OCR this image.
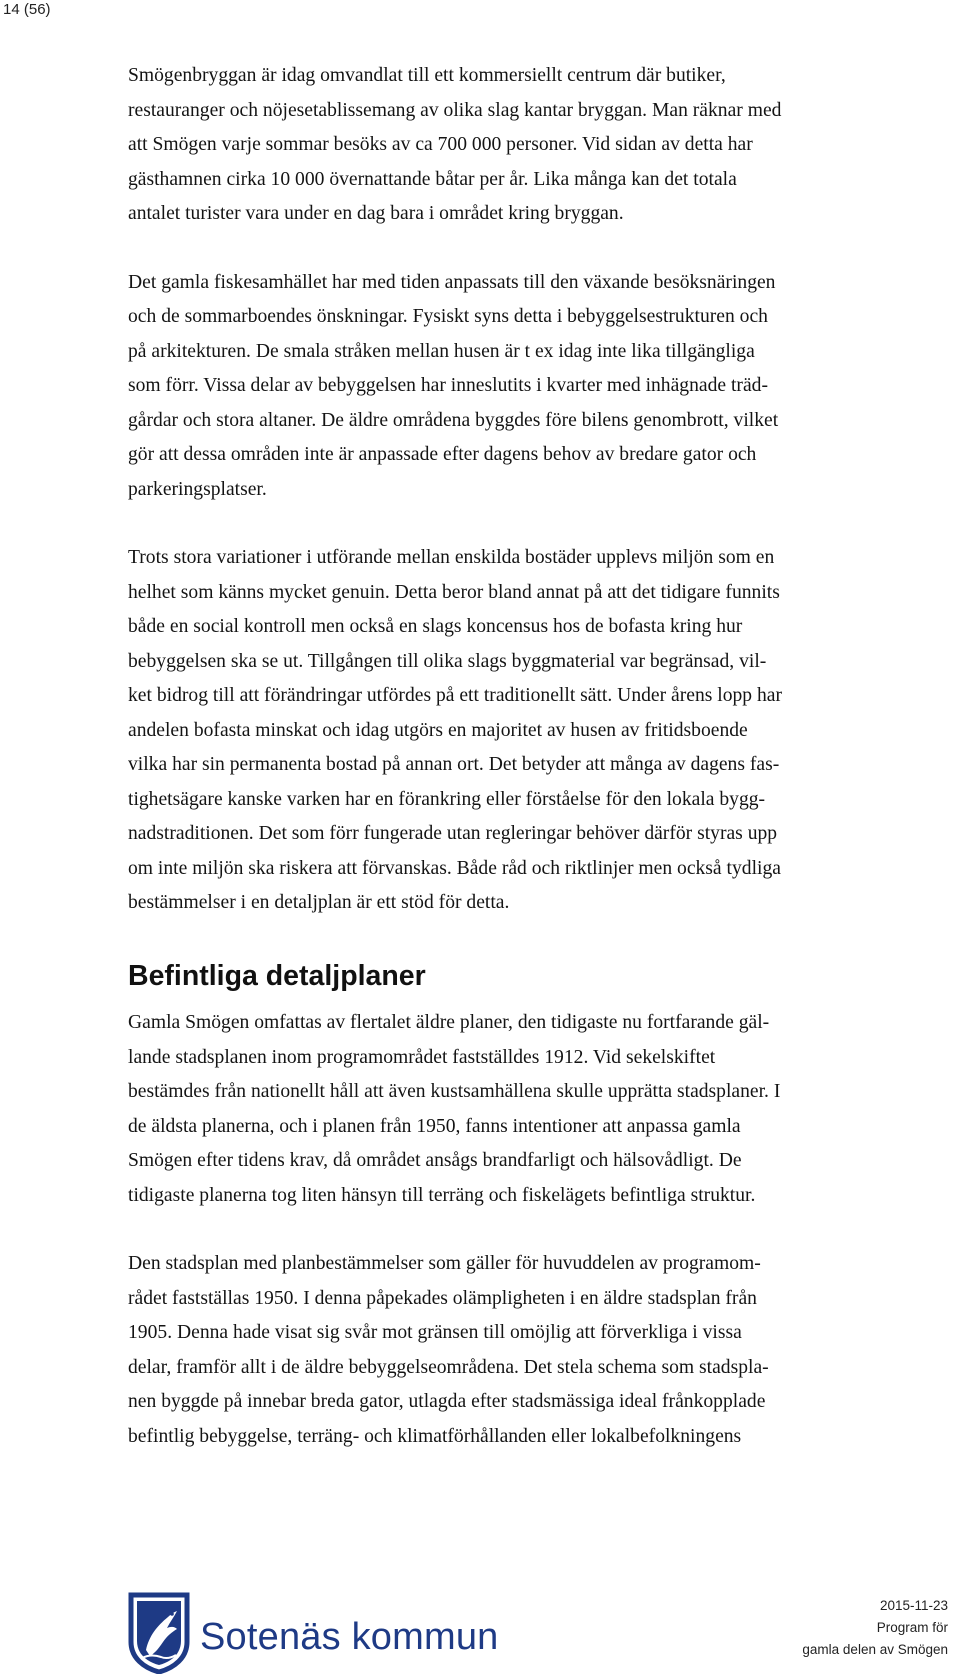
14 (56)

Smögenbryggan är idag omvandlat till ett kommersiellt centrum där butiker,
restauranger och nöjesetablissemang av olika slag kantar bryggan. Man räknar med
att Smögen varje sommar besöks av ca 700 000 personer. Vid sidan av detta har
gästhamnen cirka 10 000 övernattande båtar per år. Lika många kan det totala
antalet turister vara under en dag bara i området kring bryggan.

Det gamla fiskesamhället har med tiden anpassats till den växande besöksnäringen
och de sommarboendes önskningar. Fysiskt syns detta i bebyggelsestrukturen och
på arkitekturen. De smala stråken mellan husen är t ex idag inte lika tillgängliga
som förr. Vissa delar av bebyggelsen har inneslutits i kvarter med inhägnade träd-
gårdar och stora altaner. De äldre områdena byggdes före bilens genombrott, vilket
gör att dessa områden inte är anpassade efter dagens behov av bredare gator och
parkeringsplatser.

Trots stora variationer i utförande mellan enskilda bostäder upplevs miljön som en
helhet som känns mycket genuin. Detta beror bland annat på att det tidigare funnits
både en social kontroll men också en slags koncensus hos de bofasta kring hur
bebyggelsen ska se ut. Tillgången till olika slags byggmaterial var begränsad, vil-
ket bidrog till att förändringar utfördes på ett traditionellt sätt. Under årens lopp har
andelen bofasta minskat och idag utgörs en majoritet av husen av fritidsboende
vilka har sin permanenta bostad på annan ort. Det betyder att många av dagens fas-
tighetsägare kanske varken har en förankring eller förståelse för den lokala bygg-
nadstraditionen. Det som förr fungerade utan regleringar behöver därför styras upp
om inte miljön ska riskera att förvanskas. Både råd och riktlinjer men också tydliga
bestämmelser i en detaljplan är ett stöd för detta.

Befintliga detaljplaner

Gamla Smögen omfattas av flertalet äldre planer, den tidigaste nu fortfarande gäl-
lande stadsplanen inom programområdet fastställdes 1912. Vid sekelskiftet
bestämdes från nationellt håll att även kustsamhällena skulle upprätta stadsplaner. I
de äldsta planerna, och i planen från 1950, fanns intentioner att anpassa gamla
Smögen efter tidens krav, då området ansågs brandfarligt och hälsovådligt. De
tidigaste planerna tog liten hänsyn till terräng och fiskelägets befintliga struktur.

Den stadsplan med planbestämmelser som gäller för huvuddelen av programom-
rådet fastställas 1950. I denna påpekades olämpligheten i en äldre stadsplan från
1905. Denna hade visat sig svår mot gränsen till omöjlig att förverkliga i vissa
delar, framför allt i de äldre bebyggelseområdena. Det stela schema som stadspla-
nen byggde på innebar breda gator, utlagda efter stadsmässiga ideal frånkopplade
befintlig bebyggelse, terräng- och klimatförhållanden eller lokalbefolkningens

Sotenäs kommun
2015-11-23
Program för
gamla delen av Smögen
